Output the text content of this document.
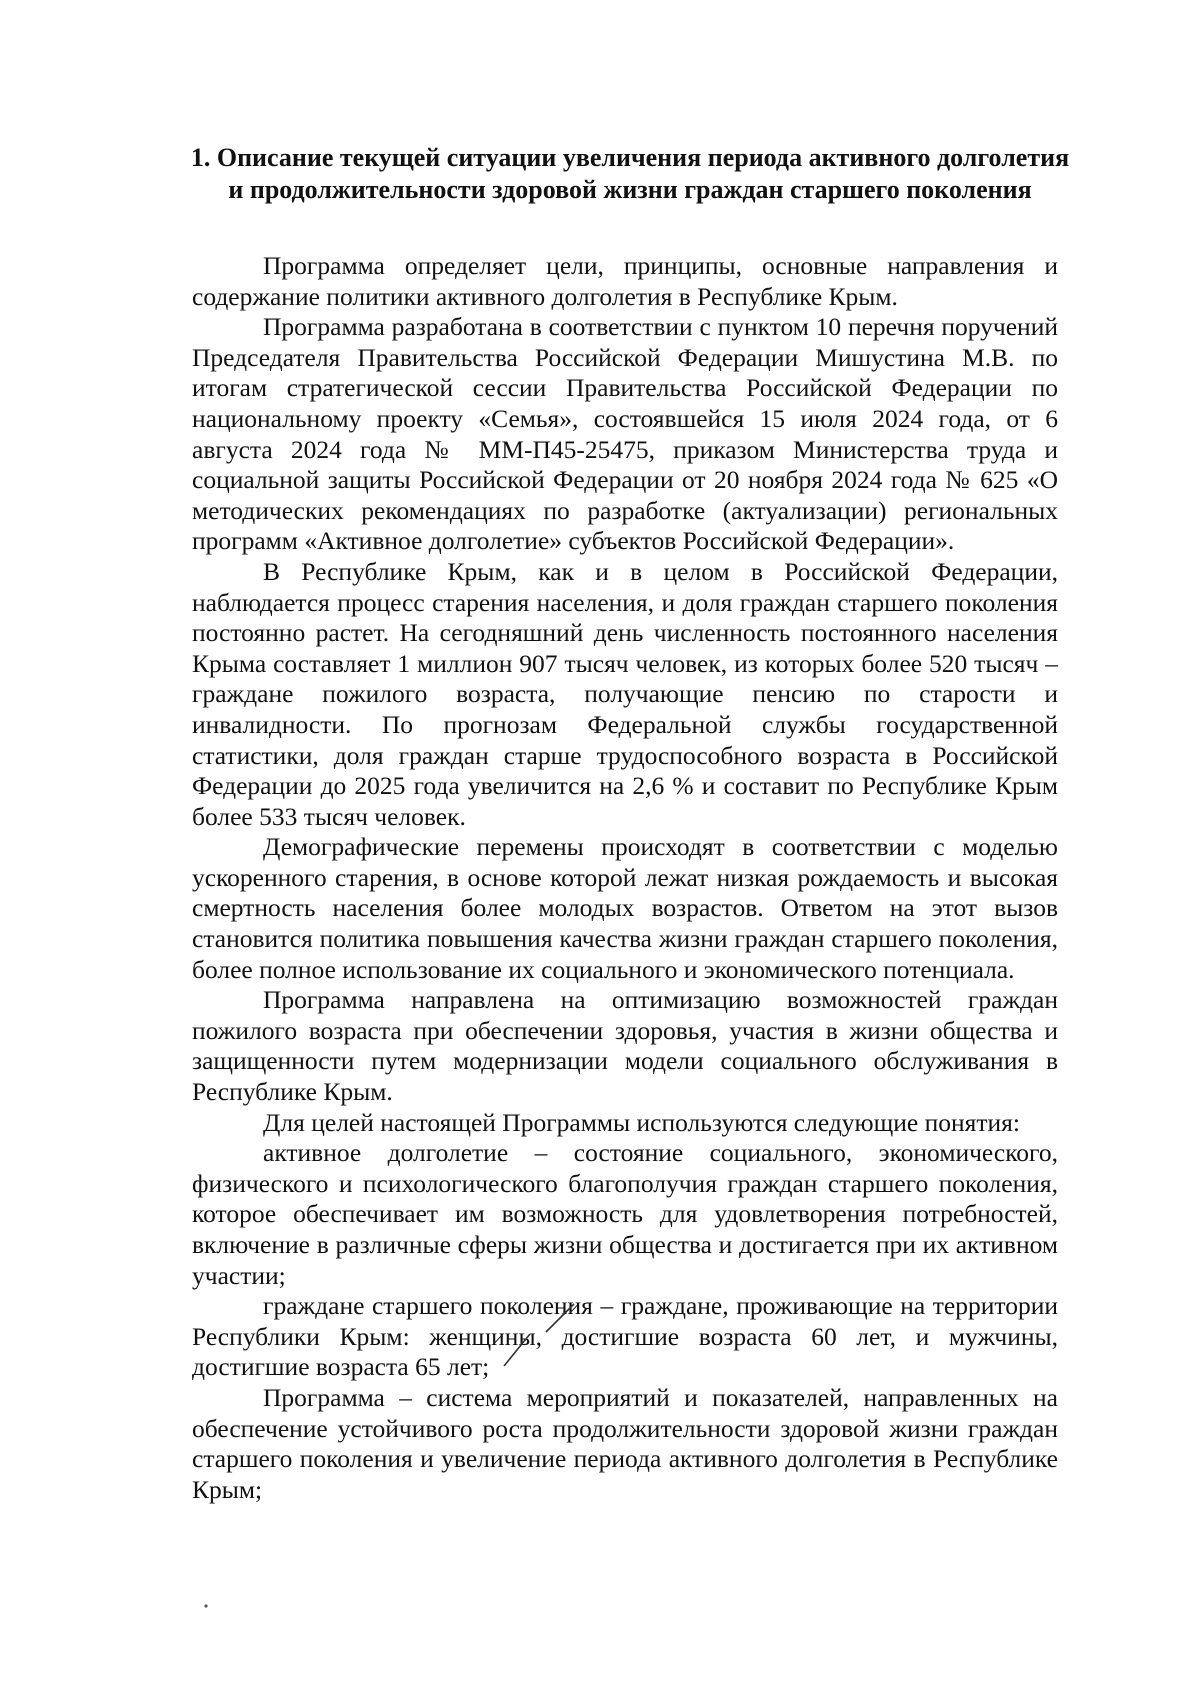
1. Описание текущей ситуации увеличения периода активного долголетия и продолжительности здоровой жизни граждан старшего поколения

Программа определяет цели, принципы, основные направления и содержание политики активного долголетия в Республике Крым.

Программа разработана в соответствии с пунктом 10 перечня поручений Председателя Правительства Российской Федерации Мишустина М.В. по итогам стратегической сессии Правительства Российской Федерации по национальному проекту «Семья», состоявшейся 15 июля 2024 года, от 6 августа 2024 года № ММ-П45-25475, приказом Министерства труда и социальной защиты Российской Федерации от 20 ноября 2024 года № 625 «О методических рекомендациях по разработке (актуализации) региональных программ «Активное долголетие» субъектов Российской Федерации».

В Республике Крым, как и в целом в Российской Федерации, наблюдается процесс старения населения, и доля граждан старшего поколения постоянно растет. На сегодняшний день численность постоянного населения Крыма составляет 1 миллион 907 тысяч человек, из которых более 520 тысяч – граждане пожилого возраста, получающие пенсию по старости и инвалидности. По прогнозам Федеральной службы государственной статистики, доля граждан старше трудоспособного возраста в Российской Федерации до 2025 года увеличится на 2,6 % и составит по Республике Крым более 533 тысяч человек.

Демографические перемены происходят в соответствии с моделью ускоренного старения, в основе которой лежат низкая рождаемость и высокая смертность населения более молодых возрастов. Ответом на этот вызов становится политика повышения качества жизни граждан старшего поколения, более полное использование их социального и экономического потенциала.

Программа направлена на оптимизацию возможностей граждан пожилого возраста при обеспечении здоровья, участия в жизни общества и защищенности путем модернизации модели социального обслуживания в Республике Крым.

Для целей настоящей Программы используются следующие понятия:

активное долголетие – состояние социального, экономического, физического и психологического благополучия граждан старшего поколения, которое обеспечивает им возможность для удовлетворения потребностей, включение в различные сферы жизни общества и достигается при их активном участии;

граждане старшего поколения – граждане, проживающие на территории Республики Крым: женщины, достигшие возраста 60 лет, и мужчины, достигшие возраста 65 лет;

Программа – система мероприятий и показателей, направленных на обеспечение устойчивого роста продолжительности здоровой жизни граждан старшего поколения и увеличение периода активного долголетия в Республике Крым;
